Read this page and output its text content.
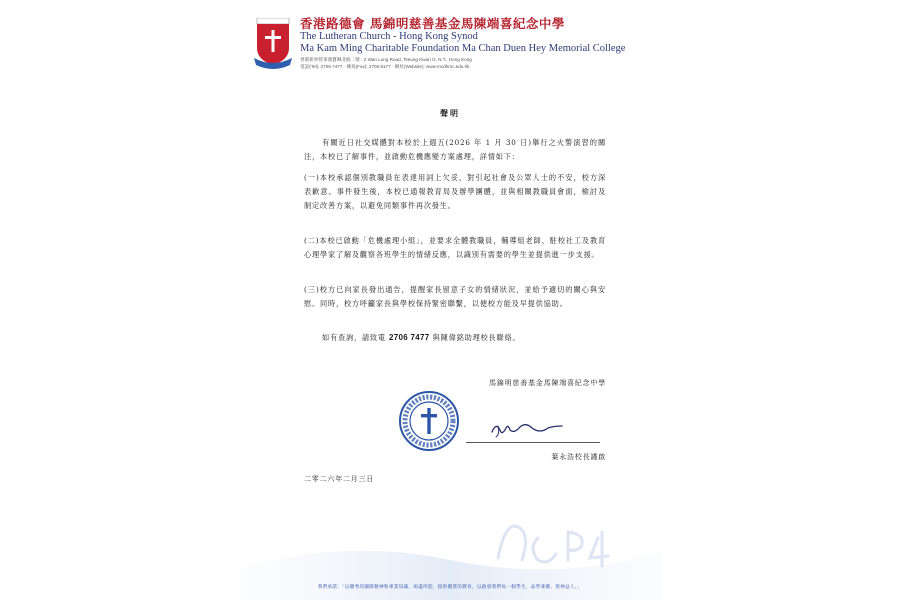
香港路德會 馬錦明慈善基金馬陳端喜紀念中學
The Lutheran Church - Hong Kong Synod
Ma Kam Ming Charitable Foundation Ma Chan Duen Hey Memorial College
香港新界將軍澳寶琳北路二號 · 2 Wan Lung Road, Tseung Kwan O, N.T., Hong Kong
電話(Tel): 2706 7477 · 傳真(Fax): 2706 8177 · 網址(Website): www.mcdhmc.edu.hk
聲明

有關近日社交媒體對本校於上週五(2026 年 1 月 30 日)舉行之火警演習的關注，本校已了解事件，並啟動危機應變方案處理，詳情如下：

(一)本校承認個別教職員在表達用詞上欠妥，對引起社會及公眾人士的不安，校方深表歉意。事件發生後，本校已通報教育局及辦學團體，並與相關教職員會面，檢討及制定改善方案，以避免同類事件再次發生。

(二)本校已啟動「危機處理小組」，並要求全體教職員，輔導組老師、駐校社工及教育心理學家了解及觀察各班學生的情緒反應，以識別有需要的學生並提供進一步支援。

(三)校方已向家長發出通告，提醒家長留意子女的情緒狀況，並給予適切的關心與安慰。同時，校方呼籲家長與學校保持緊密聯繫，以便校方能及早提供協助。

如有查詢，請致電 2706 7477 與陳偉銘助理校長聯絡。

馬錦明慈善基金馬陳端喜紀念中學
葉永浩校長謹啟
二零二六年二月三日
我們承諾：「以優秀的團隊精神和專業知識，竭盡所能，提供優質的教育，以啟發我們每一個學生，品學兼優，榮神益人。」
